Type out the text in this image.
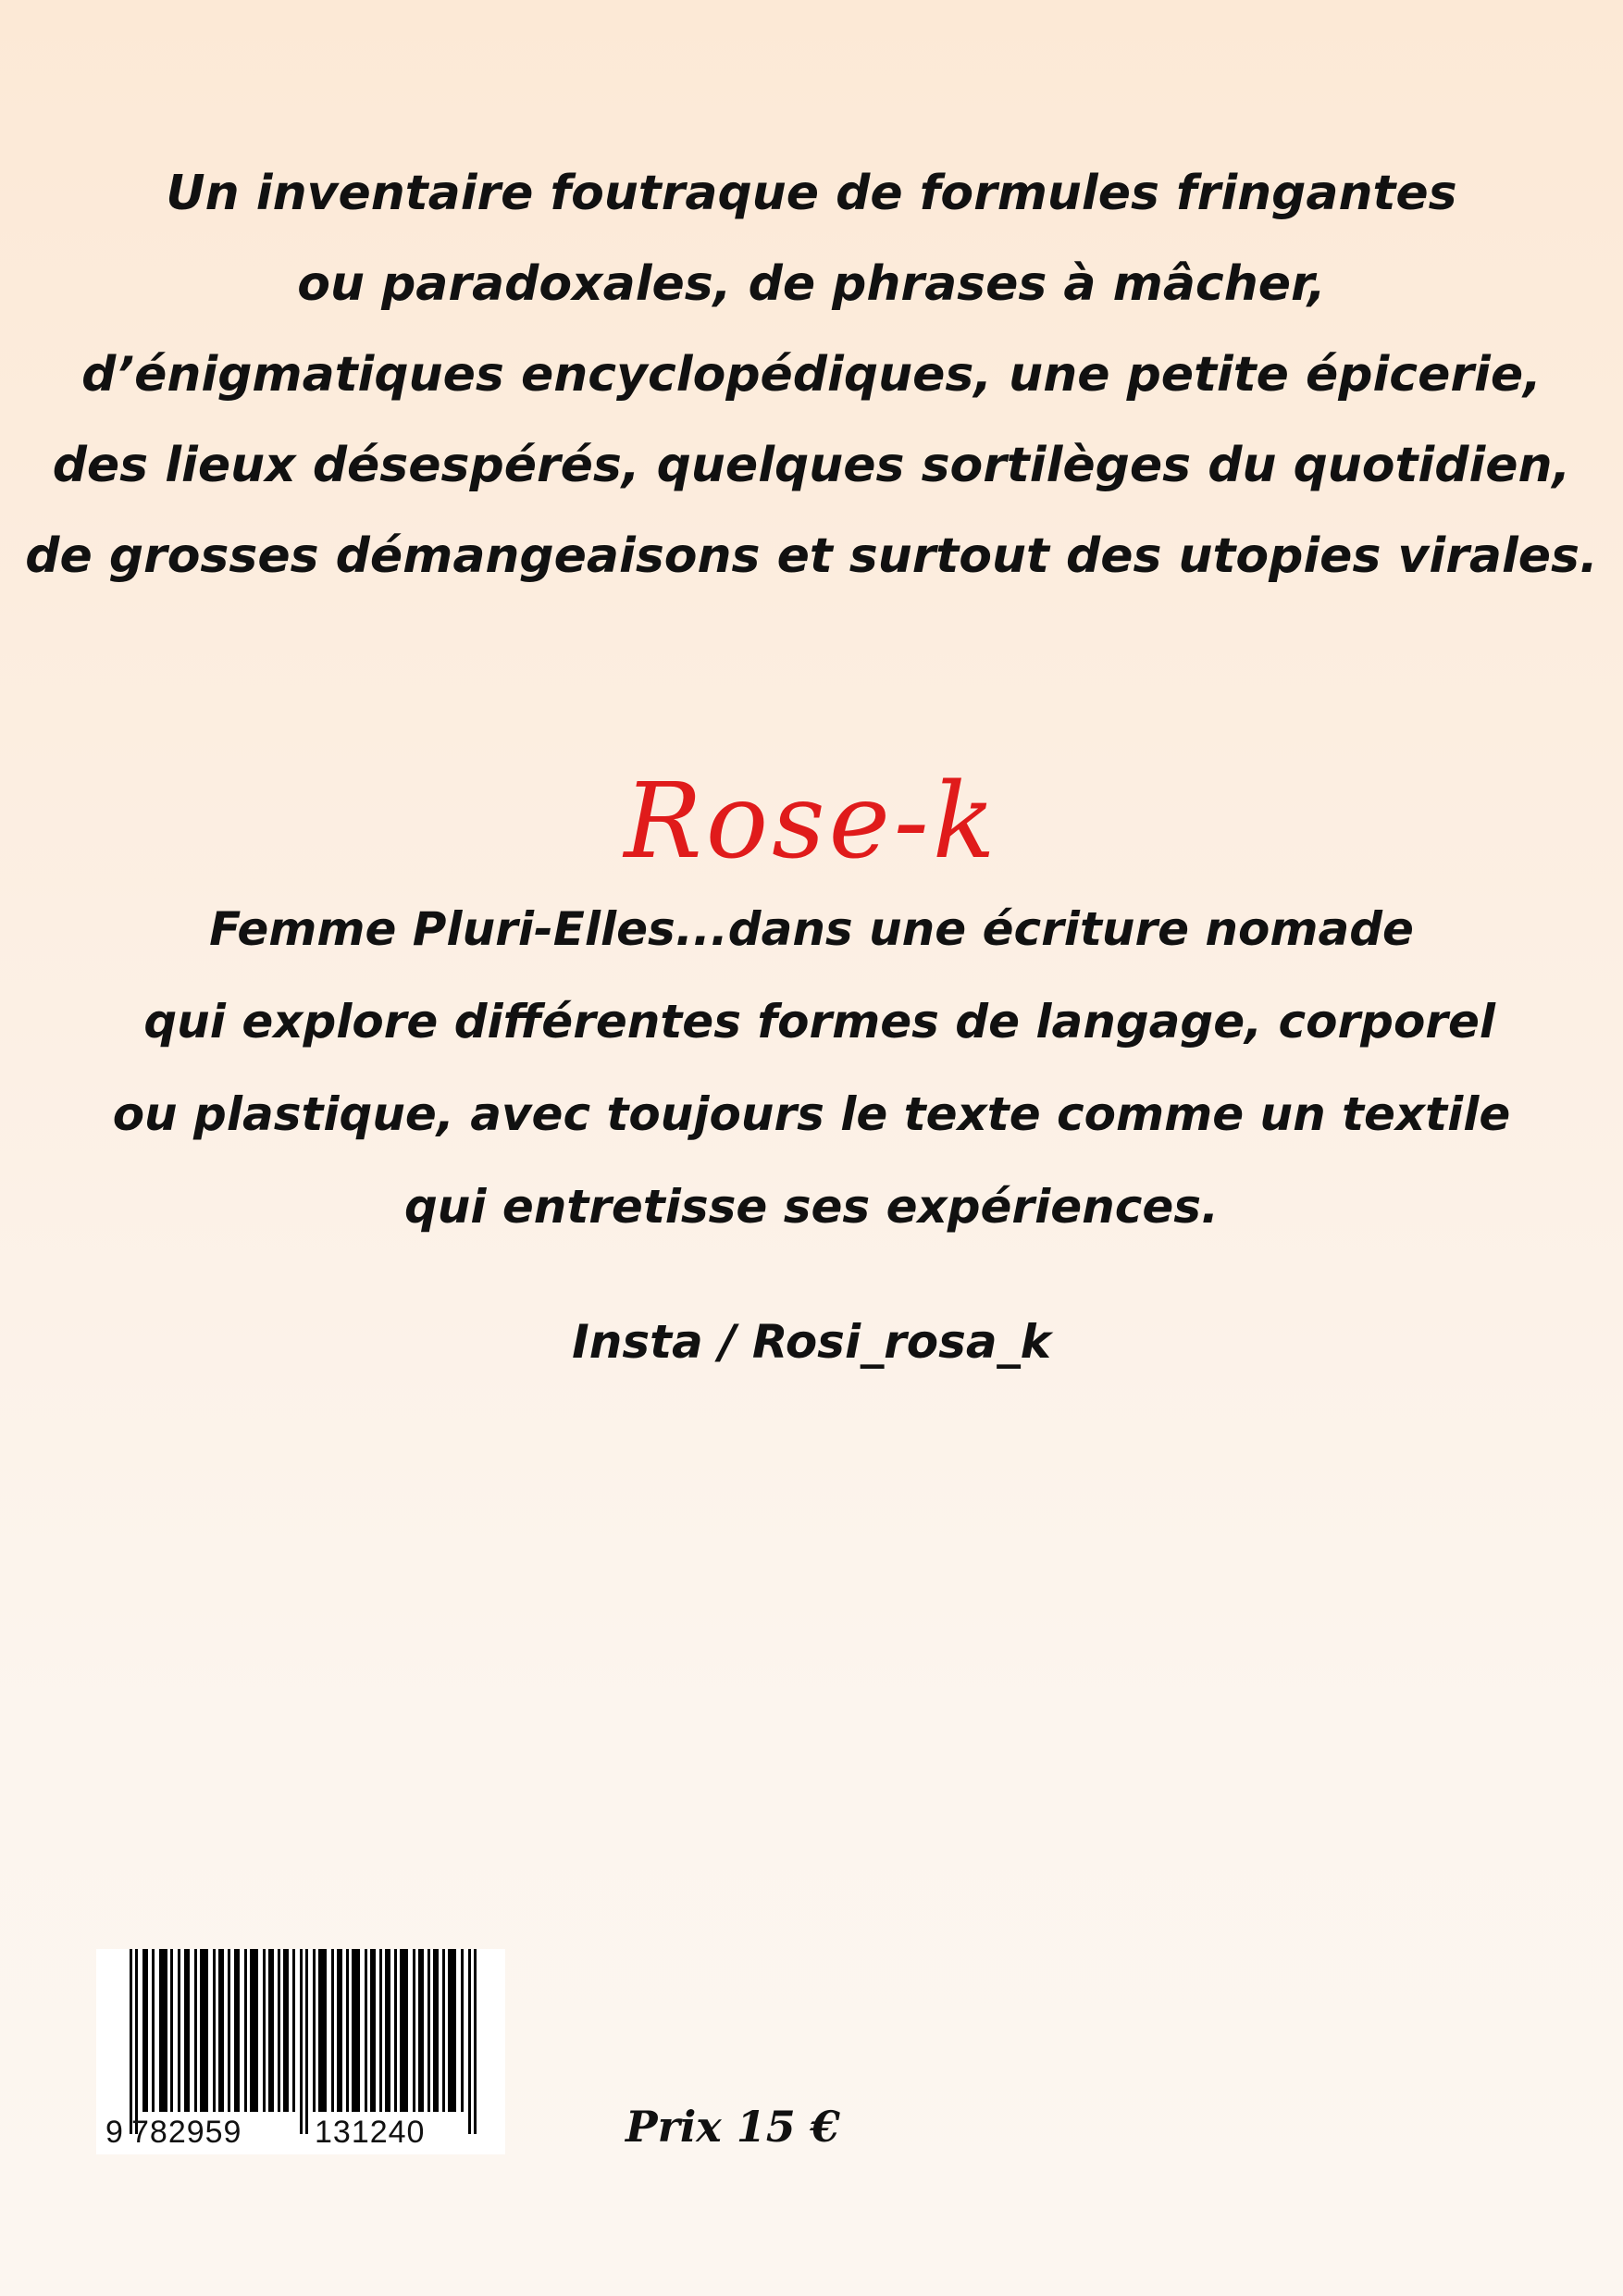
Un inventaire foutraque de formules fringantes
ou paradoxales, de phrases à mâcher,
d’énigmatiques encyclopédiques, une petite épicerie,
des lieux désespérés, quelques sortilèges du quotidien,
de grosses démangeaisons et surtout des utopies virales.
Rose-k
Femme Pluri-Elles...dans une écriture nomade
qui explore différentes formes de langage, corporel
ou plastique, avec toujours le texte comme un textile
qui entretisse ses expériences.
Insta / Rosi_rosa_k
9 782959 131240	Prix 15 €
